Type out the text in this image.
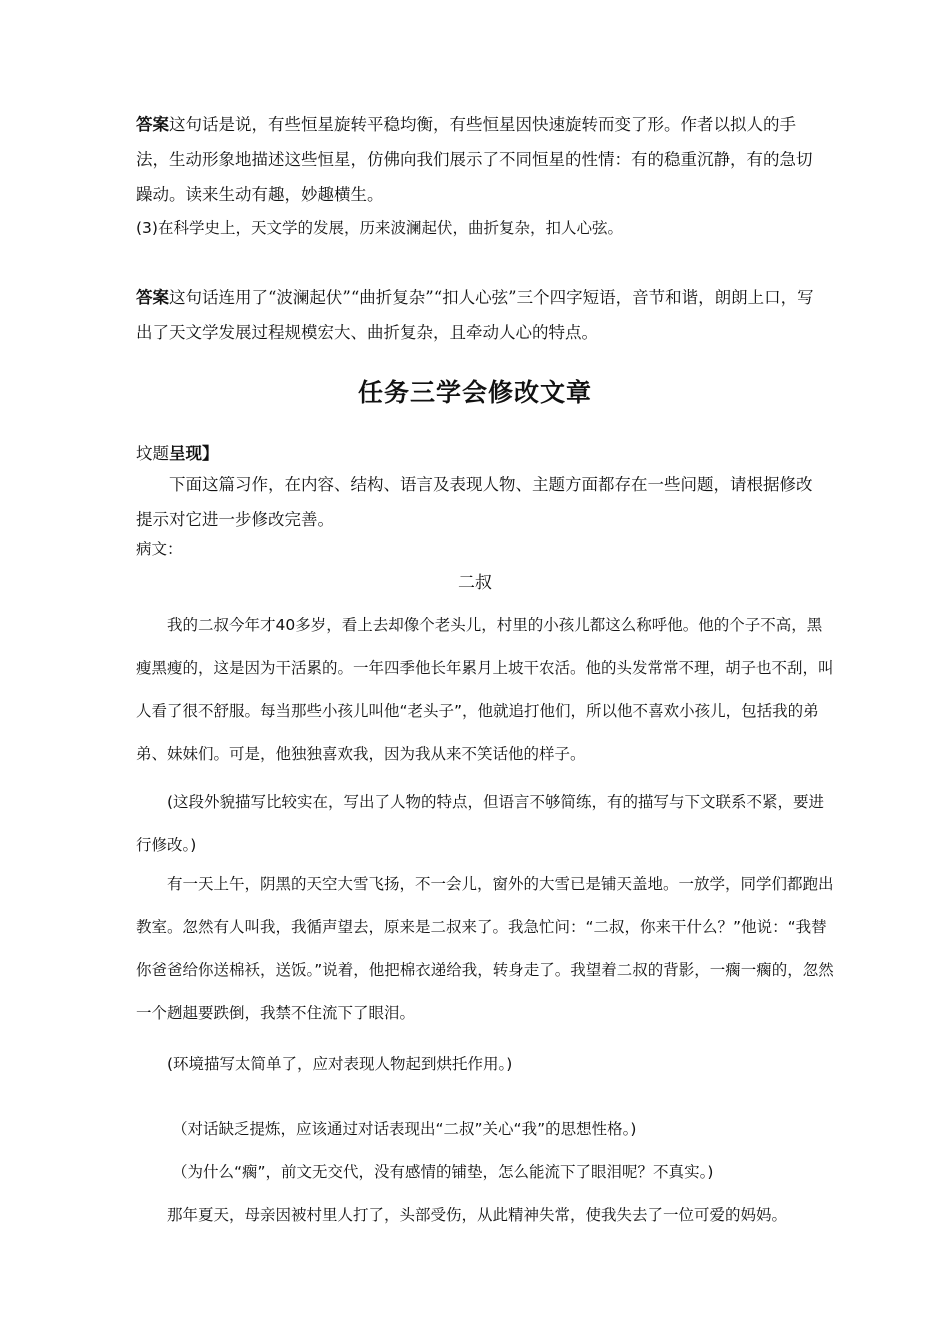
答案这句话是说，有些恒星旋转平稳均衡，有些恒星因快速旋转而变了形。作者以拟人的手法，生动形象地描述这些恒星，仿佛向我们展示了不同恒星的性情：有的稳重沉静，有的急切躁动。读来生动有趣，妙趣横生。

(3)在科学史上，天文学的发展，历来波澜起伏，曲折复杂，扣人心弦。

答案这句话连用了“波澜起伏”“曲折复杂”“扣人心弦”三个四字短语，音节和谐，朗朗上口，写出了天文学发展过程规模宏大、曲折复杂，且牵动人心的特点。

任务三学会修改文章

坟题呈现】

下面这篇习作，在内容、结构、语言及表现人物、主题方面都存在一些问题，请根据修改提示对它进一步修改完善。

病文：

二叔

我的二叔今年才40多岁，看上去却像个老头儿，村里的小孩儿都这么称呼他。他的个子不高，黑瘦黑瘦的，这是因为干活累的。一年四季他长年累月上坡干农活。他的头发常常不理，胡子也不刮，叫人看了很不舒服。每当那些小孩儿叫他“老头子”，他就追打他们，所以他不喜欢小孩儿，包括我的弟弟、妹妹们。可是，他独独喜欢我，因为我从来不笑话他的样子。

(这段外貌描写比较实在，写出了人物的特点，但语言不够简练，有的描写与下文联系不紧，要进行修改。)

有一天上午，阴黑的天空大雪飞扬，不一会儿，窗外的大雪已是铺天盖地。一放学，同学们都跑出教室。忽然有人叫我，我循声望去，原来是二叔来了。我急忙问：“二叔，你来干什么？”他说：“我替你爸爸给你送棉袄，送饭。”说着，他把棉衣递给我，转身走了。我望着二叔的背影，一瘸一瘸的，忽然一个趔趄要跌倒，我禁不住流下了眼泪。

(环境描写太简单了，应对表现人物起到烘托作用。)

（对话缺乏提炼，应该通过对话表现出“二叔”关心“我”的思想性格。)

（为什么“瘸”，前文无交代，没有感情的铺垫，怎么能流下了眼泪呢？不真实。)

那年夏天，母亲因被村里人打了，头部受伤，从此精神失常，使我失去了一位可爱的妈妈。
